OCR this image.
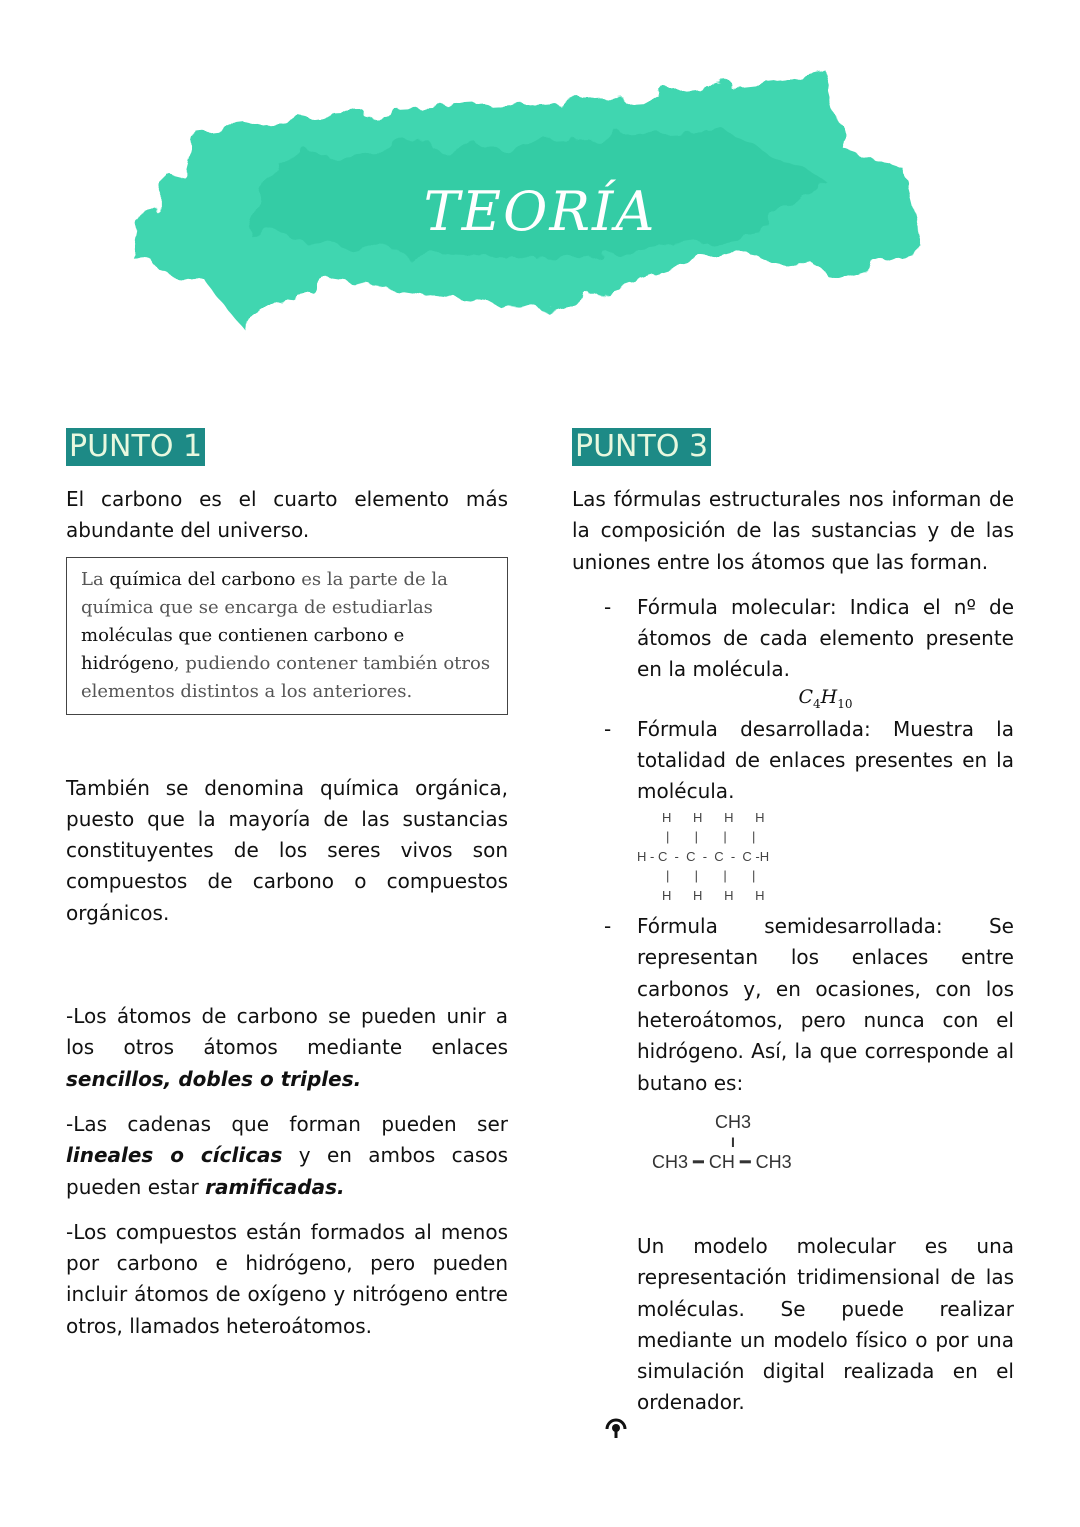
TEORÍA
PUNTO 1

El carbono es el cuarto elemento más abundante del universo.

La química del carbono es la parte de la química que se encarga de estudiarlas moléculas que contienen carbono e hidrógeno, pudiendo contener también otros elementos distintos a los anteriores.

También se denomina química orgánica, puesto que la mayoría de las sustancias constituyentes de los seres vivos son compuestos de carbono o compuestos orgánicos.

-Los átomos de carbono se pueden unir a los otros átomos mediante enlaces sencillos, dobles o triples.

-Las cadenas que forman pueden ser lineales o cíclicas y en ambos casos pueden estar ramificadas.

-Los compuestos están formados al menos por carbono e hidrógeno, pero pueden incluir átomos de oxígeno y nitrógeno entre otros, llamados heteroátomos.

PUNTO 3

Las fórmulas estructurales nos informan de la composición de las sustancias y de las uniones entre los átomos que las forman.

- Fórmula molecular: Indica el nº de átomos de cada elemento presente en la molécula.
$C_4H_{10}$
- Fórmula desarrollada: Muestra la totalidad de enlaces presentes en la molécula.
H      H      H      H
|       |       |       |
H - C  -  C  -  C  -  C -H
|       |       |       |
H      H      H      H
- Fórmula semidesarrollada: Se representan los enlaces entre carbonos y, en ocasiones, con los heteroátomos, pero nunca con el hidrógeno. Así, la que corresponde al butano es:
CH3
I
CH3 ━ CH ━ CH3

Un modelo molecular es una representación tridimensional de las moléculas. Se puede realizar mediante un modelo físico o por una simulación digital realizada en el ordenador.
